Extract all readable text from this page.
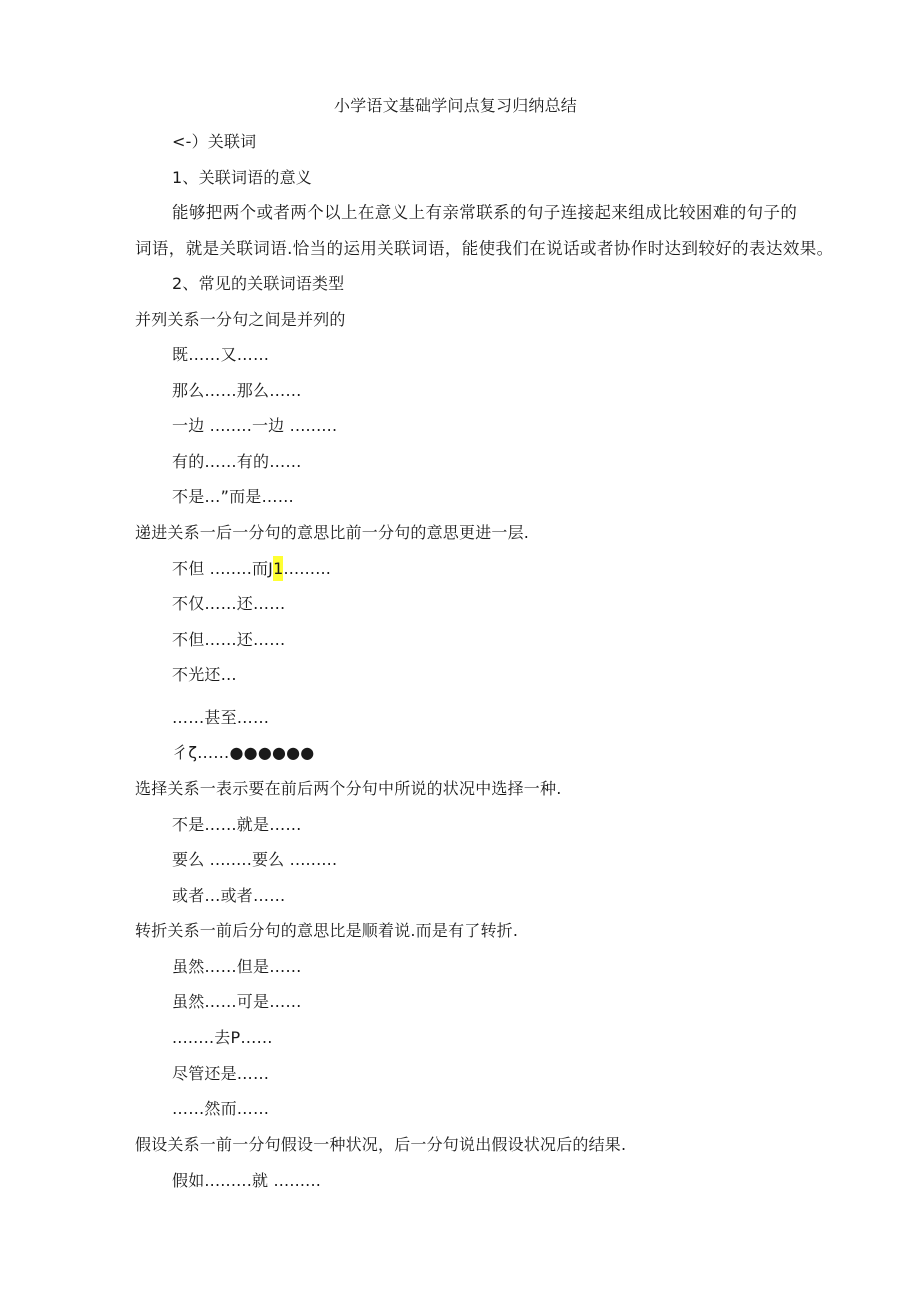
小学语文基础学问点复习归纳总结
<-）关联词
1、关联词语的意义
能够把两个或者两个以上在意义上有亲常联系的句子连接起来组成比较困难的句子的
词语，就是关联词语.恰当的运用关联词语，能使我们在说话或者协作时达到较好的表达效果。
2、常见的关联词语类型
并列关系一分句之间是并列的
既……又……
那么……那么……
一边 ........一边 .........
有的……有的……
不是…”而是……
递进关系一后一分句的意思比前一分句的意思更进一层.
不但 ........而J1.........
不仅……还……
不但……还……
不光还…
……甚至……
彳ζ……●●●●●●
选择关系一表示要在前后两个分句中所说的状况中选择一种.
不是……就是……
要么 ........要么 .........
或者…或者……
转折关系一前后分句的意思比是顺着说.而是有了转折.
虽然……但是……
虽然……可是……
........去P……
尽管还是……
……然而……
假设关系一前一分句假设一种状况，后一分句说出假设状况后的结果.
假如.........就 .........
